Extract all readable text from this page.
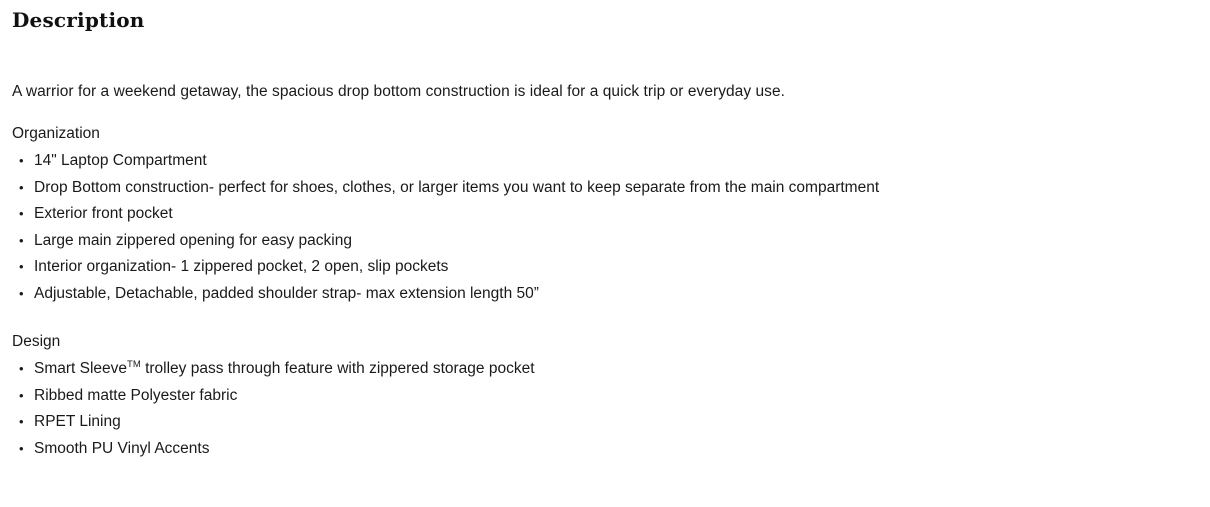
Description
A warrior for a weekend getaway, the spacious drop bottom construction is ideal for a quick trip or everyday use.
Organization
• 14" Laptop Compartment
• Drop Bottom construction- perfect for shoes, clothes, or larger items you want to keep separate from the main compartment
• Exterior front pocket
• Large main zippered opening for easy packing
• Interior organization- 1 zippered pocket, 2 open, slip pockets
• Adjustable, Detachable, padded shoulder strap- max extension length 50”
Design
• Smart Sleeve™ trolley pass through feature with zippered storage pocket
• Ribbed matte Polyester fabric
• RPET Lining
• Smooth PU Vinyl Accents
